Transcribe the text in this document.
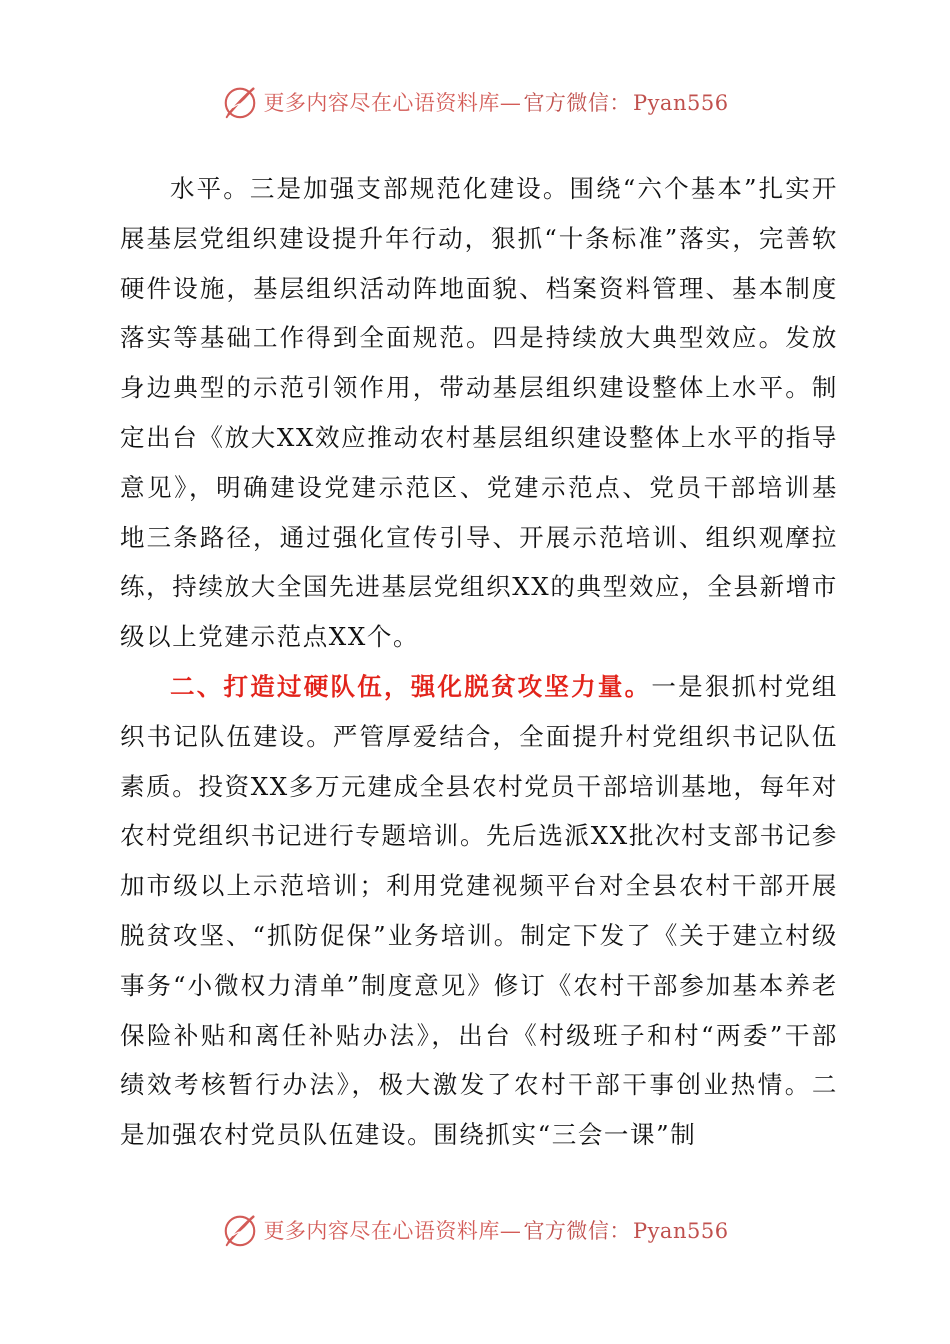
更多内容尽在心语资料库—官方微信：Pyan556

水平。三是加强支部规范化建设。围绕“六个基本”扎实开展基层党组织建设提升年行动，狠抓“十条标准”落实，完善软硬件设施，基层组织活动阵地面貌、档案资料管理、基本制度落实等基础工作得到全面规范。四是持续放大典型效应。发放身边典型的示范引领作用，带动基层组织建设整体上水平。制定出台《放大XX效应推动农村基层组织建设整体上水平的指导意见》，明确建设党建示范区、党建示范点、党员干部培训基地三条路径，通过强化宣传引导、开展示范培训、组织观摩拉练，持续放大全国先进基层党组织XX的典型效应，全县新增市级以上党建示范点XX个。

二、打造过硬队伍，强化脱贫攻坚力量。一是狠抓村党组织书记队伍建设。严管厚爱结合，全面提升村党组织书记队伍素质。投资XX多万元建成全县农村党员干部培训基地，每年对农村党组织书记进行专题培训。先后选派XX批次村支部书记参加市级以上示范培训；利用党建视频平台对全县农村干部开展脱贫攻坚、“抓防促保”业务培训。制定下发了《关于建立村级事务“小微权力清单”制度意见》修订《农村干部参加基本养老保险补贴和离任补贴办法》，出台《村级班子和村“两委”干部绩效考核暂行办法》，极大激发了农村干部干事创业热情。二是加强农村党员队伍建设。围绕抓实“三会一课”制

更多内容尽在心语资料库—官方微信：Pyan556
